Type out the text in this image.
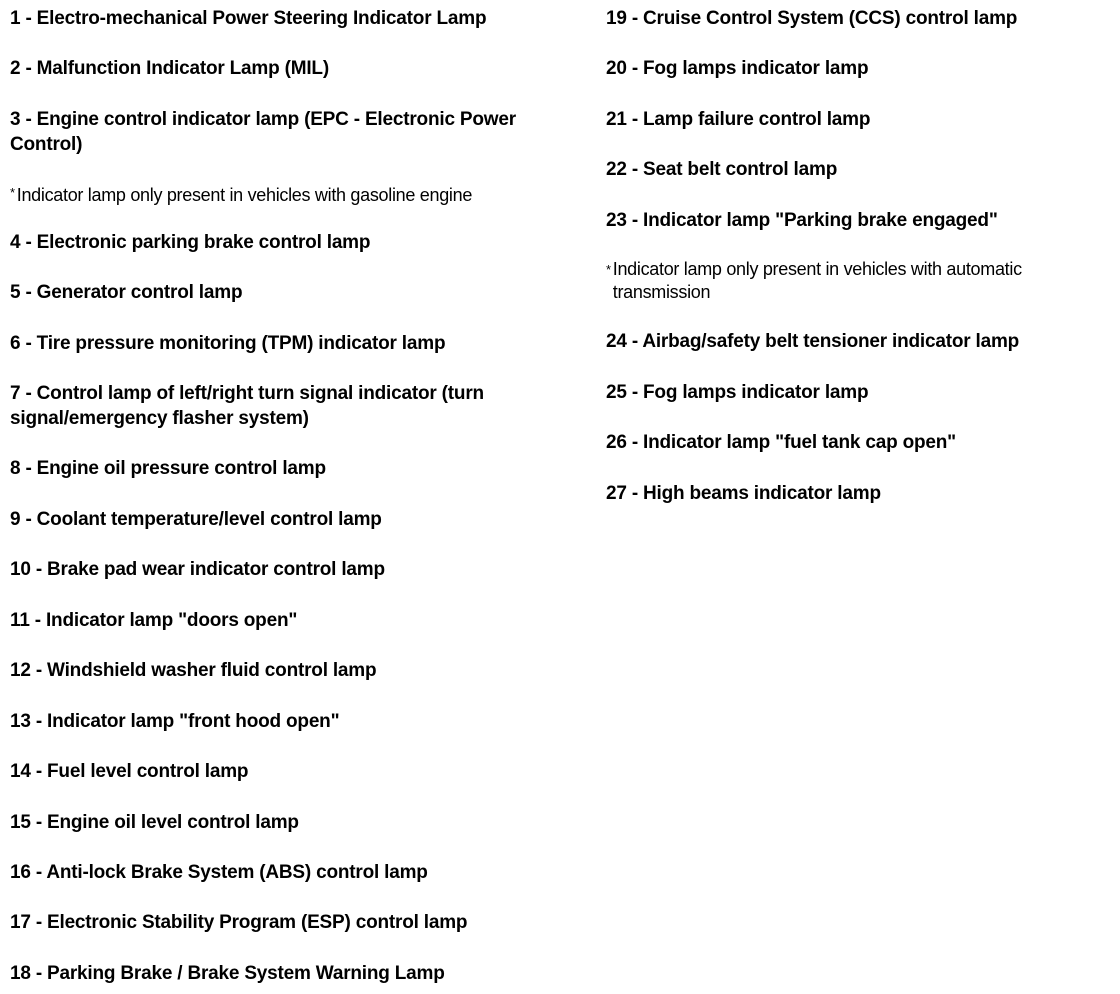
1 - Electro-mechanical Power Steering Indicator Lamp
2 - Malfunction Indicator Lamp (MIL)
3 - Engine control indicator lamp (EPC - Electronic Power Control)
* Indicator lamp only present in vehicles with gasoline engine
4 - Electronic parking brake control lamp
5 - Generator control lamp
6 - Tire pressure monitoring (TPM) indicator lamp
7 - Control lamp of left/right turn signal indicator (turn signal/emergency flasher system)
8 - Engine oil pressure control lamp
9 - Coolant temperature/level control lamp
10 - Brake pad wear indicator control lamp
11 - Indicator lamp "doors open"
12 - Windshield washer fluid control lamp
13 - Indicator lamp "front hood open"
14 - Fuel level control lamp
15 - Engine oil level control lamp
16 - Anti-lock Brake System (ABS) control lamp
17 - Electronic Stability Program (ESP) control lamp
18 - Parking Brake / Brake System Warning Lamp
19 - Cruise Control System (CCS) control lamp
20 - Fog lamps indicator lamp
21 - Lamp failure control lamp
22 - Seat belt control lamp
23 - Indicator lamp "Parking brake engaged"
* Indicator lamp only present in vehicles with automatic transmission
24 - Airbag/safety belt tensioner indicator lamp
25 - Fog lamps indicator lamp
26 - Indicator lamp "fuel tank cap open"
27 - High beams indicator lamp
